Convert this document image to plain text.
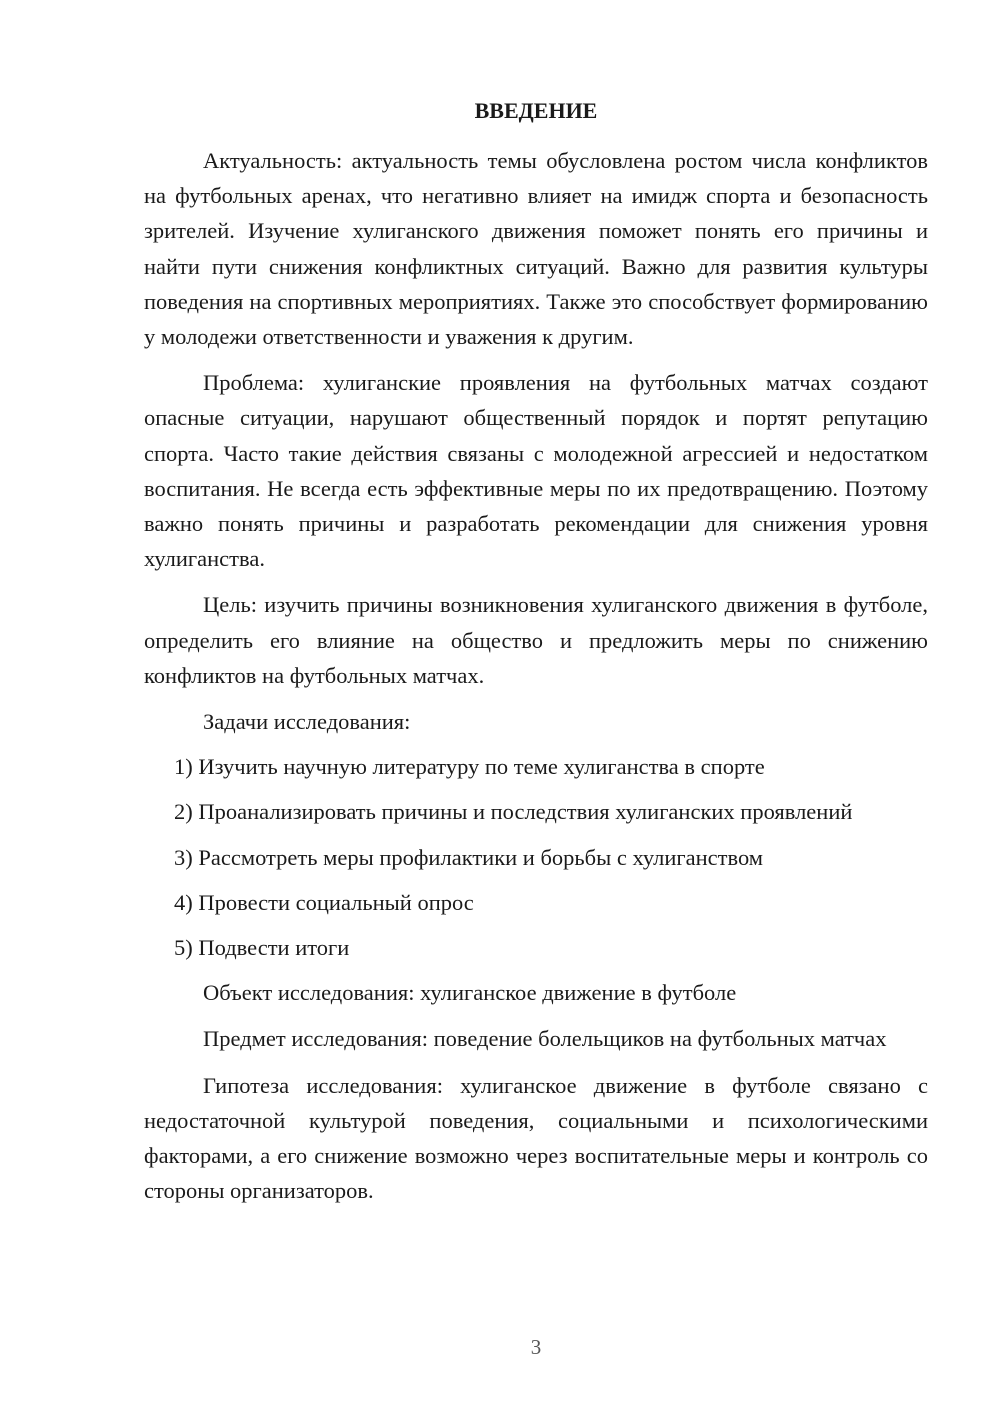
ВВЕДЕНИЕ

Актуальность: актуальность темы обусловлена ростом числа конфликтов на футбольных аренах, что негативно влияет на имидж спорта и безопасность зрителей. Изучение хулиганского движения поможет понять его причины и найти пути снижения конфликтных ситуаций. Важно для развития культуры поведения на спортивных мероприятиях. Также это способствует формированию у молодежи ответственности и уважения к другим.

Проблема: хулиганские проявления на футбольных матчах создают опасные ситуации, нарушают общественный порядок и портят репутацию спорта. Часто такие действия связаны с молодежной агрессией и недостатком воспитания. Не всегда есть эффективные меры по их предотвращению. Поэтому важно понять причины и разработать рекомендации для снижения уровня хулиганства.

Цель: изучить причины возникновения хулиганского движения в футболе, определить его влияние на общество и предложить меры по снижению конфликтов на футбольных матчах.

Задачи исследования:

1) Изучить научную литературу по теме хулиганства в спорте
2) Проанализировать причины и последствия хулиганских проявлений
3) Рассмотреть меры профилактики и борьбы с хулиганством
4) Провести социальный опрос
5) Подвести итоги

Объект исследования: хулиганское движение в футболе

Предмет исследования: поведение болельщиков на футбольных матчах

Гипотеза исследования: хулиганское движение в футболе связано с недостаточной культурой поведения, социальными и психологическими факторами, а его снижение возможно через воспитательные меры и контроль со стороны организаторов.

3
